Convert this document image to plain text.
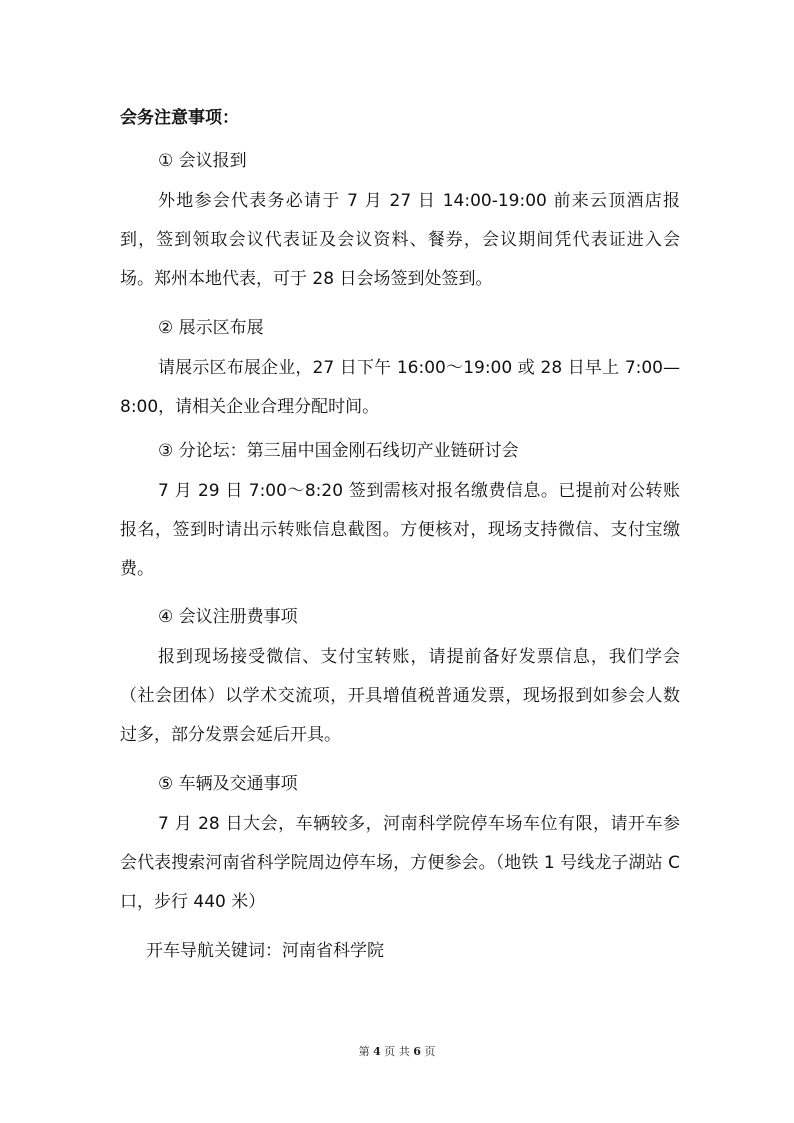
会务注意事项：
① 会议报到
外地参会代表务必请于 7 月 27 日 14:00-19:00 前来云顶酒店报到，签到领取会议代表证及会议资料、餐券，会议期间凭代表证进入会场。郑州本地代表，可于 28 日会场签到处签到。
② 展示区布展
请展示区布展企业，27 日下午 16:00～19:00 或 28 日早上 7:00—8:00，请相关企业合理分配时间。
③ 分论坛：第三届中国金刚石线切产业链研讨会
7 月 29 日 7:00～8:20 签到需核对报名缴费信息。已提前对公转账报名，签到时请出示转账信息截图。方便核对，现场支持微信、支付宝缴费。
④ 会议注册费事项
报到现场接受微信、支付宝转账，请提前备好发票信息，我们学会（社会团体）以学术交流项，开具增值税普通发票，现场报到如参会人数过多，部分发票会延后开具。
⑤ 车辆及交通事项
7 月 28 日大会，车辆较多，河南科学院停车场车位有限，请开车参会代表搜索河南省科学院周边停车场，方便参会。（地铁 1 号线龙子湖站 C 口，步行 440 米）
开车导航关键词：河南省科学院
第 4 页 共 6 页
